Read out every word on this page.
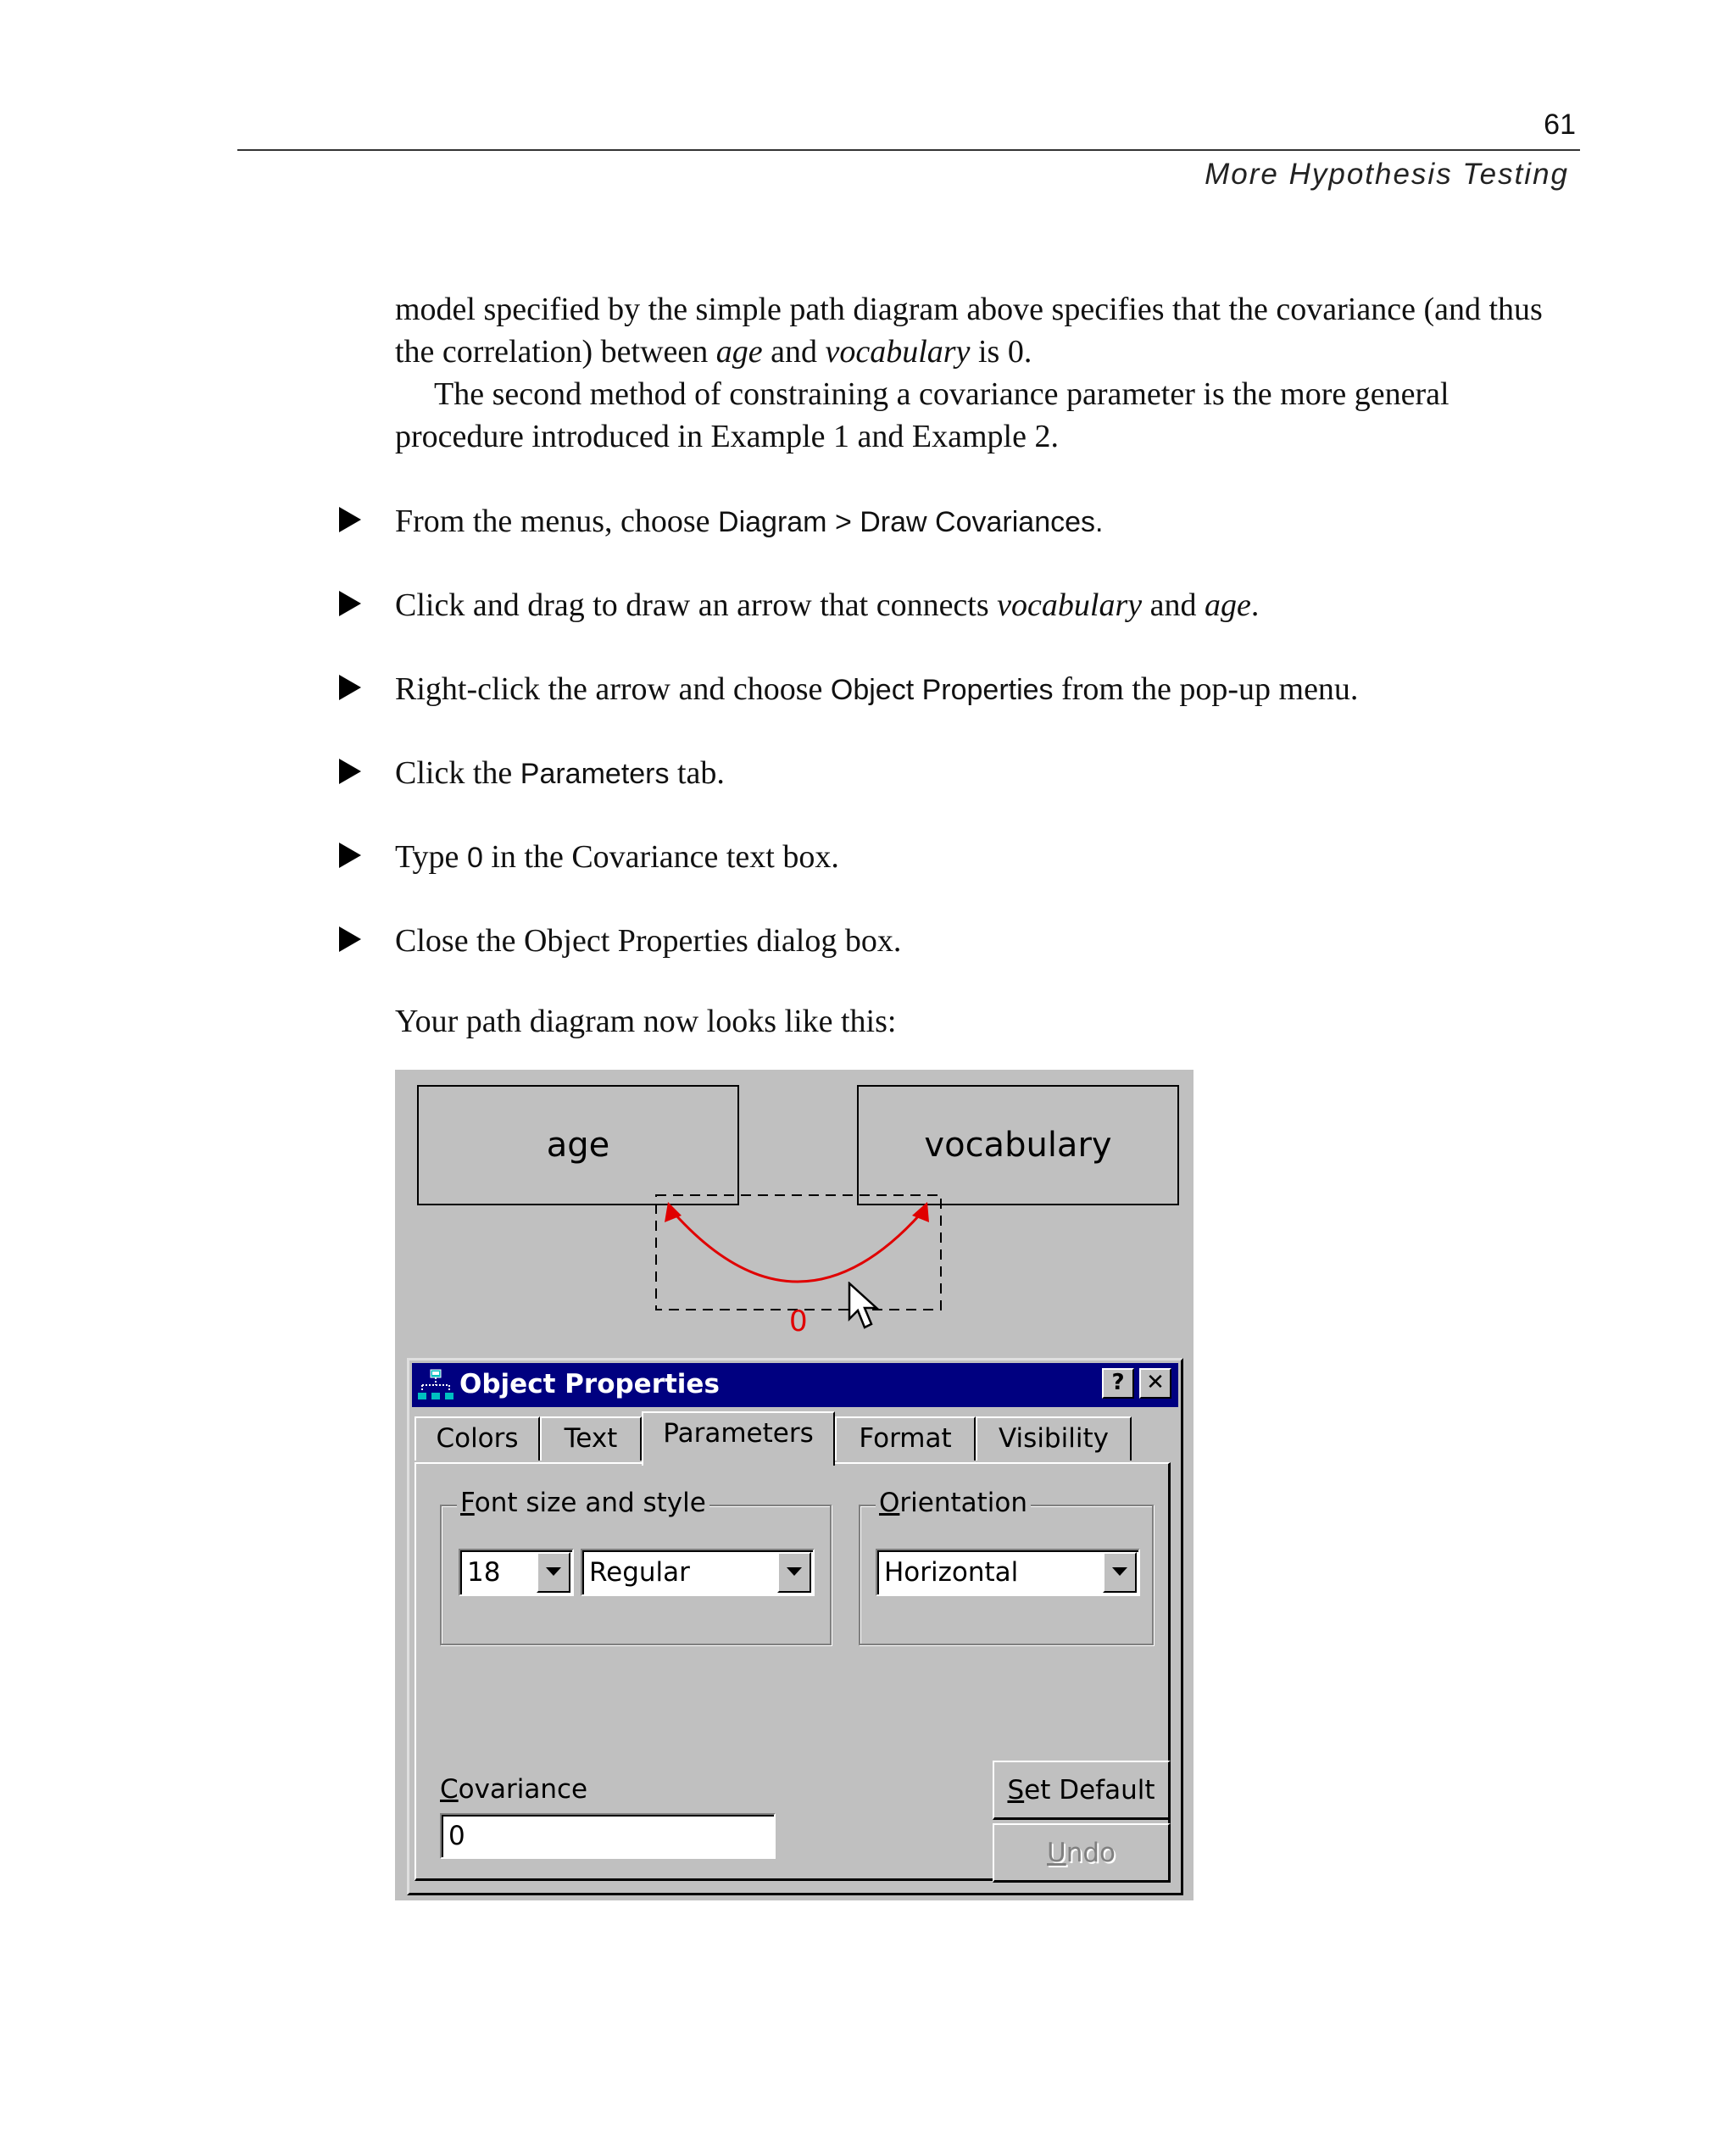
61
More Hypothesis Testing
model specified by the simple path diagram above specifies that the covariance (and thus the correlation) between age and vocabulary is 0.
The second method of constraining a covariance parameter is the more general procedure introduced in Example 1 and Example 2.
From the menus, choose Diagram > Draw Covariances.
Click and drag to draw an arrow that connects vocabulary and age.
Right-click the arrow and choose Object Properties from the pop-up menu.
Click the Parameters tab.
Type 0 in the Covariance text box.
Close the Object Properties dialog box.
Your path diagram now looks like this:
age	vocabulary
0
Object Properties	? ✕
Colors	Text	Parameters	Format	Visibility
Font size and style
18	Regular
Orientation
Horizontal
Covariance
0	Set Default
Undo
